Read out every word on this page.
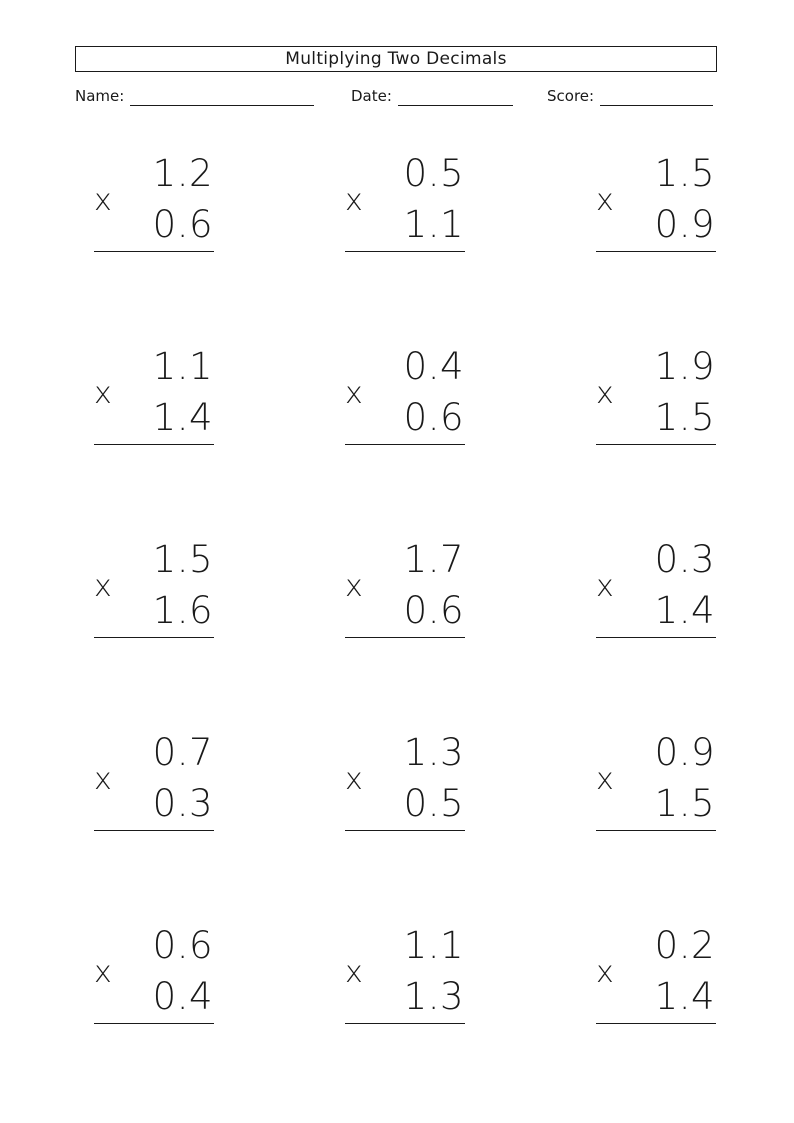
Multiplying Two Decimals
Name:	Date:	Score:
1.2
x
0.6
0.5
x
1.1
1.5
x
0.9
1.1
x
1.4
0.4
x
0.6
1.9
x
1.5
1.5
x
1.6
1.7
x
0.6
0.3
x
1.4
0.7
x
0.3
1.3
x
0.5
0.9
x
1.5
0.6
x
0.4
1.1
x
1.3
0.2
x
1.4
